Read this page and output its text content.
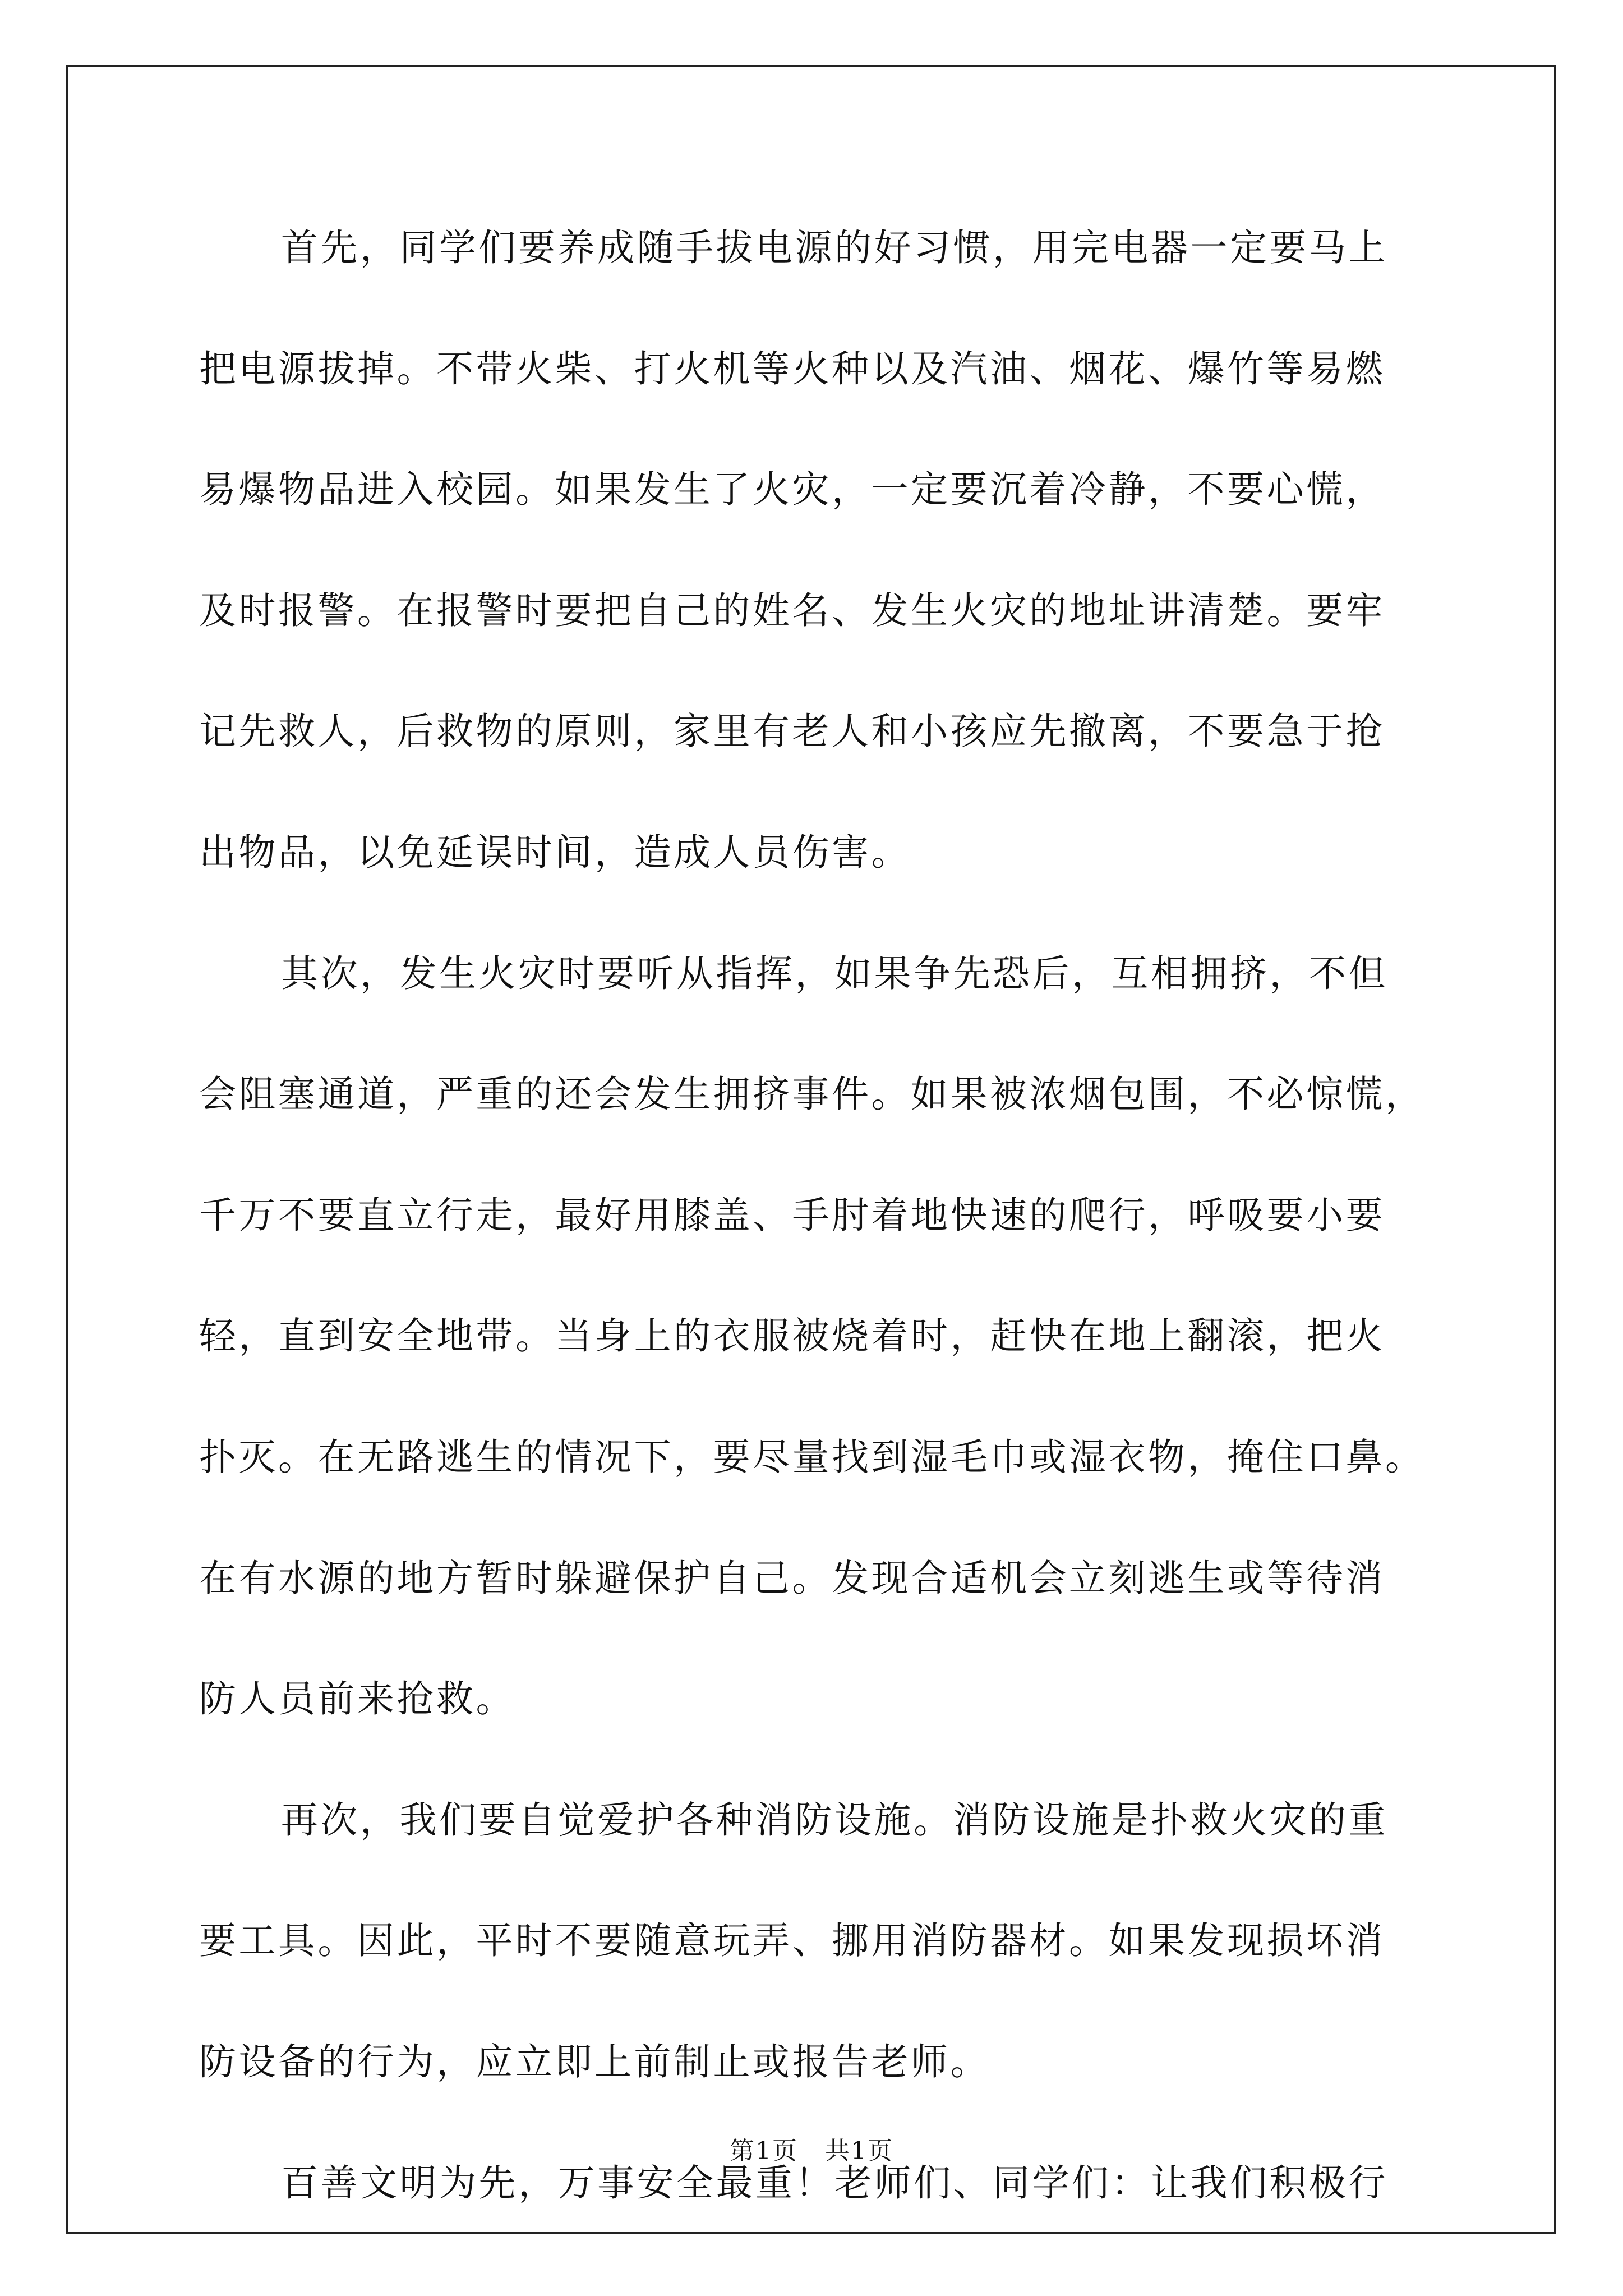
首先，同学们要养成随手拔电源的好习惯，用完电器一定要马上
把电源拔掉。不带火柴、打火机等火种以及汽油、烟花、爆竹等易燃
易爆物品进入校园。如果发生了火灾，一定要沉着冷静，不要心慌，
及时报警。在报警时要把自己的姓名、发生火灾的地址讲清楚。要牢
记先救人，后救物的原则，家里有老人和小孩应先撤离，不要急于抢
出物品，以免延误时间，造成人员伤害。
其次，发生火灾时要听从指挥，如果争先恐后，互相拥挤，不但
会阻塞通道，严重的还会发生拥挤事件。如果被浓烟包围，不必惊慌，
千万不要直立行走，最好用膝盖、手肘着地快速的爬行，呼吸要小要
轻，直到安全地带。当身上的衣服被烧着时，赶快在地上翻滚，把火
扑灭。在无路逃生的情况下，要尽量找到湿毛巾或湿衣物，掩住口鼻。
在有水源的地方暂时躲避保护自己。发现合适机会立刻逃生或等待消
防人员前来抢救。
再次，我们要自觉爱护各种消防设施。消防设施是扑救火灾的重
要工具。因此，平时不要随意玩弄、挪用消防器材。如果发现损坏消
防设备的行为，应立即上前制止或报告老师。
百善文明为先，万事安全最重！老师们、同学们：让我们积极行
第1页   共1页
